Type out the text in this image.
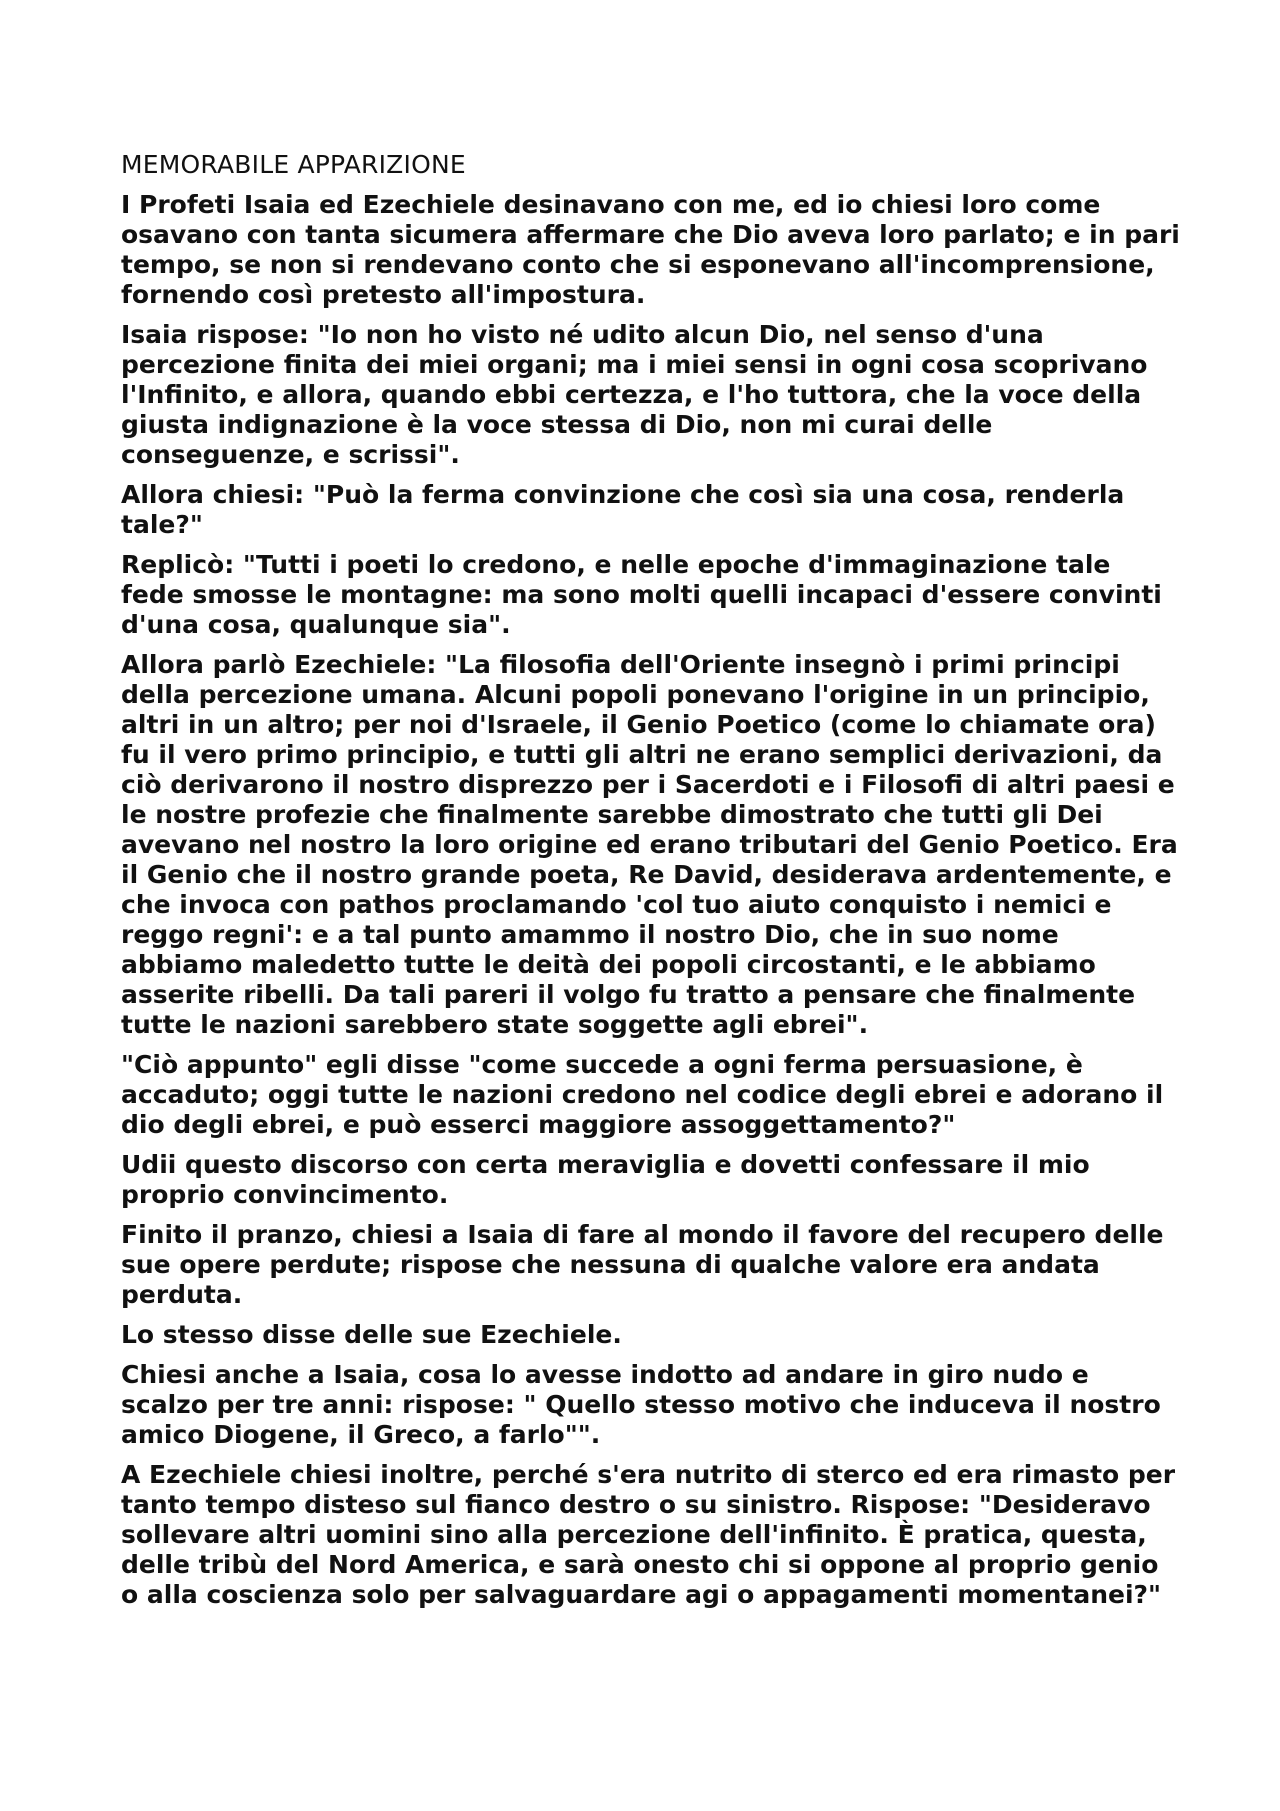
MEMORABILE APPARIZIONE

I Profeti Isaia ed Ezechiele desinavano con me, ed io chiesi loro come osavano con tanta sicumera affermare che Dio aveva loro parlato; e in pari tempo, se non si rendevano conto che si esponevano all'incomprensione, fornendo così pretesto all'impostura.

Isaia rispose: "Io non ho visto né udito alcun Dio, nel senso d'una percezione finita dei miei organi; ma i miei sensi in ogni cosa scoprivano l'Infinito, e allora, quando ebbi certezza, e l'ho tuttora, che la voce della giusta indignazione è la voce stessa di Dio, non mi curai delle conseguenze, e scrissi".

Allora chiesi: "Può la ferma convinzione che così sia una cosa, renderla tale?"

Replicò: "Tutti i poeti lo credono, e nelle epoche d'immaginazione tale fede smosse le montagne: ma sono molti quelli incapaci d'essere convinti d'una cosa, qualunque sia".

Allora parlò Ezechiele: "La filosofia dell'Oriente insegnò i primi principi della percezione umana. Alcuni popoli ponevano l'origine in un principio, altri in un altro; per noi d'Israele, il Genio Poetico (come lo chiamate ora) fu il vero primo principio, e tutti gli altri ne erano semplici derivazioni, da ciò derivarono il nostro disprezzo per i Sacerdoti e i Filosofi di altri paesi e le nostre profezie che finalmente sarebbe dimostrato che tutti gli Dei avevano nel nostro la loro origine ed erano tributari del Genio Poetico. Era il Genio che il nostro grande poeta, Re David, desiderava ardentemente, e che invoca con pathos proclamando 'col tuo aiuto conquisto i nemici e reggo regni': e a tal punto amammo il nostro Dio, che in suo nome abbiamo maledetto tutte le deità dei popoli circostanti, e le abbiamo asserite ribelli. Da tali pareri il volgo fu tratto a pensare che finalmente tutte le nazioni sarebbero state soggette agli ebrei".

"Ciò appunto" egli disse "come succede a ogni ferma persuasione, è accaduto; oggi tutte le nazioni credono nel codice degli ebrei e adorano il dio degli ebrei, e può esserci maggiore assoggettamento?"

Udii questo discorso con certa meraviglia e dovetti confessare il mio proprio convincimento.

Finito il pranzo, chiesi a Isaia di fare al mondo il favore del recupero delle sue opere perdute; rispose che nessuna di qualche valore era andata perduta.

Lo stesso disse delle sue Ezechiele.

Chiesi anche a Isaia, cosa lo avesse indotto ad andare in giro nudo e scalzo per tre anni: rispose: " Quello stesso motivo che induceva il nostro amico Diogene, il Greco, a farlo"".

A Ezechiele chiesi inoltre, perché s'era nutrito di sterco ed era rimasto per tanto tempo disteso sul fianco destro o su sinistro. Rispose: "Desideravo sollevare altri uomini sino alla percezione dell'infinito. È pratica, questa, delle tribù del Nord America, e sarà onesto chi si oppone al proprio genio o alla coscienza solo per salvaguardare agi o appagamenti momentanei?"
